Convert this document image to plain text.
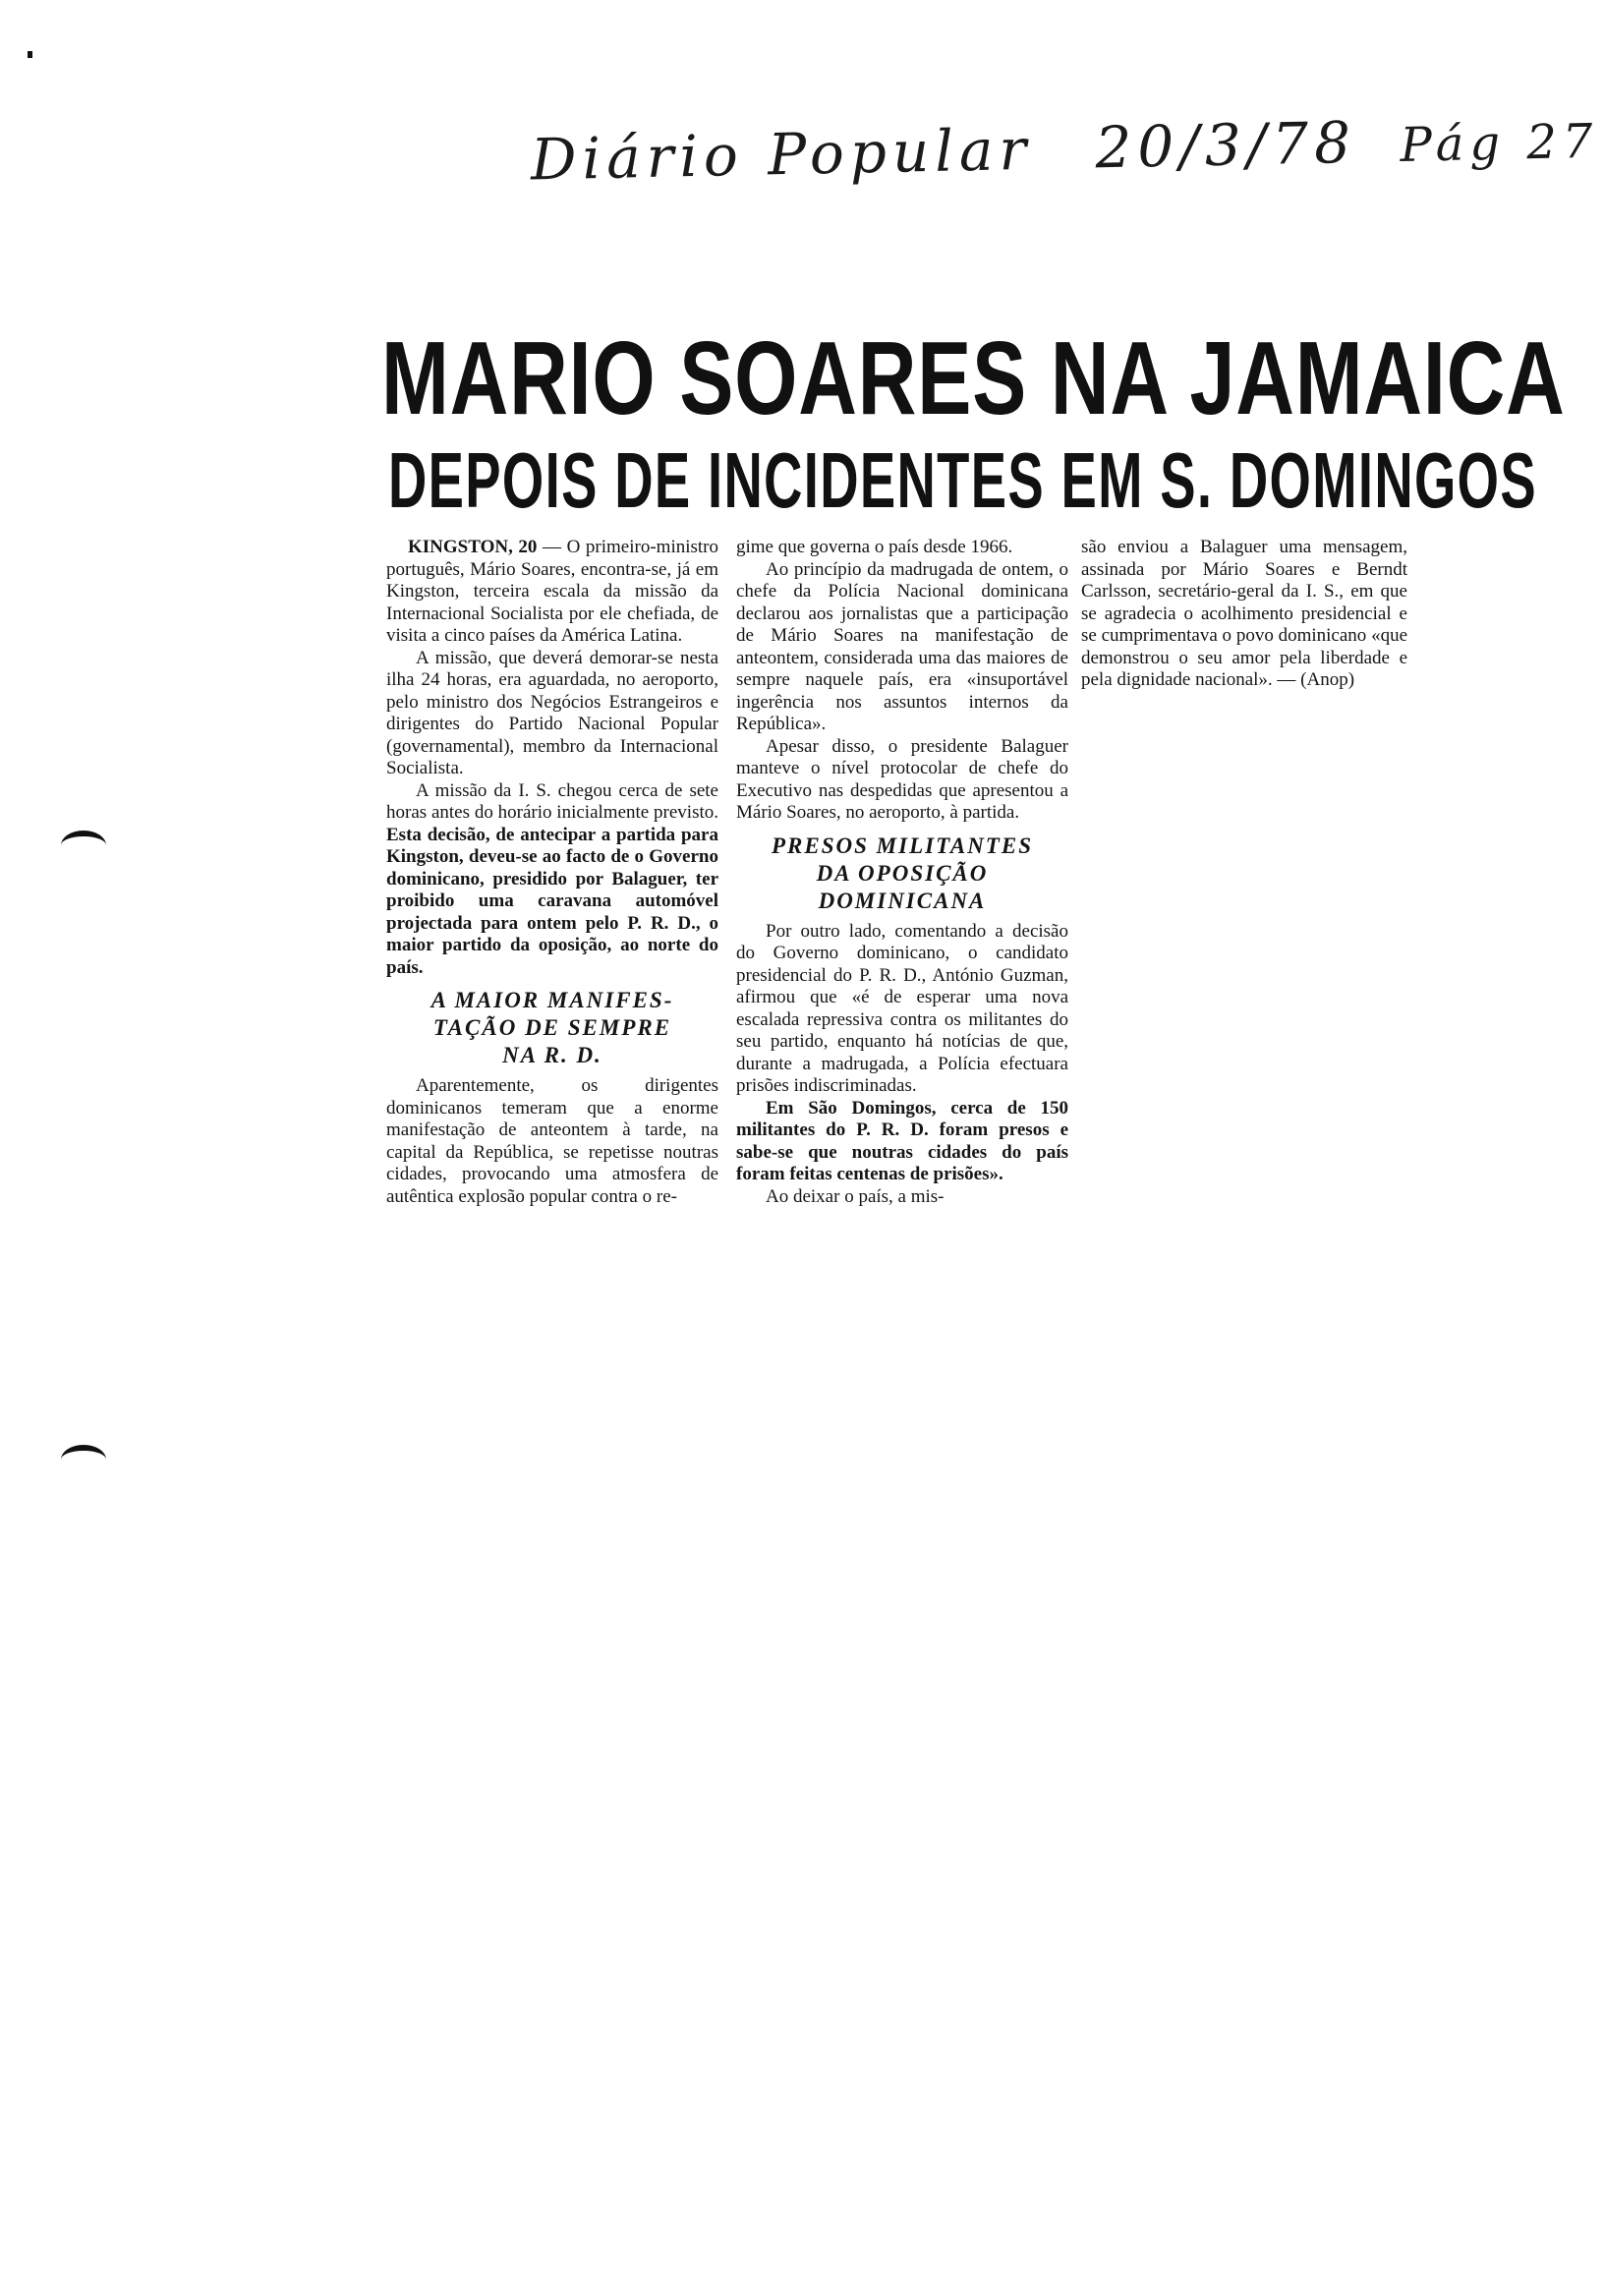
Diário Popular 20/3/78 Pág 27
MARIO SOARES NA JAMAICA
DEPOIS DE INCIDENTES EM S. DOMINGOS

KINGSTON, 20 — O primeiro-ministro português, Mário Soares, encontra-se, já em Kingston, terceira escala da missão da Internacional Socialista por ele chefiada, de visita a cinco países da América Latina.

A missão, que deverá demorar-se nesta ilha 24 horas, era aguardada, no aeroporto, pelo ministro dos Negócios Estrangeiros e dirigentes do Partido Nacional Popular (governamental), membro da Internacional Socialista.

A missão da I. S. chegou cerca de sete horas antes do horário inicialmente previsto. Esta decisão, de antecipar a partida para Kingston, deveu-se ao facto de o Governo dominicano, presidido por Balaguer, ter proibido uma caravana automóvel projectada para ontem pelo P. R. D., o maior partido da oposição, ao norte do país.

A MAIOR MANIFES-
TAÇÃO DE SEMPRE
NA R. D.

Aparentemente, os dirigentes dominicanos temeram que a enorme manifestação de anteontem à tarde, na capital da República, se repetisse noutras cidades, provocando uma atmosfera de autêntica explosão popular contra o re-

gime que governa o país desde 1966.

Ao princípio da madrugada de ontem, o chefe da Polícia Nacional dominicana declarou aos jornalistas que a participação de Mário Soares na manifestação de anteontem, considerada uma das maiores de sempre naquele país, era «insuportável ingerência nos assuntos internos da República».

Apesar disso, o presidente Balaguer manteve o nível protocolar de chefe do Executivo nas despedidas que apresentou a Mário Soares, no aeroporto, à partida.

PRESOS MILITANTES
DA OPOSIÇÃO
DOMINICANA

Por outro lado, comentando a decisão do Governo dominicano, o candidato presidencial do P. R. D., António Guzman, afirmou que «é de esperar uma nova escalada repressiva contra os militantes do seu partido, enquanto há notícias de que, durante a madrugada, a Polícia efectuara prisões indiscriminadas.

Em São Domingos, cerca de 150 militantes do P. R. D. foram presos e sabe-se que noutras cidades do país foram feitas centenas de prisões».

Ao deixar o país, a mis-

são enviou a Balaguer uma mensagem, assinada por Mário Soares e Berndt Carlsson, secretário-geral da I. S., em que se agradecia o acolhimento presidencial e se cumprimentava o povo dominicano «que demonstrou o seu amor pela liberdade e pela dignidade nacional». — (Anop)
